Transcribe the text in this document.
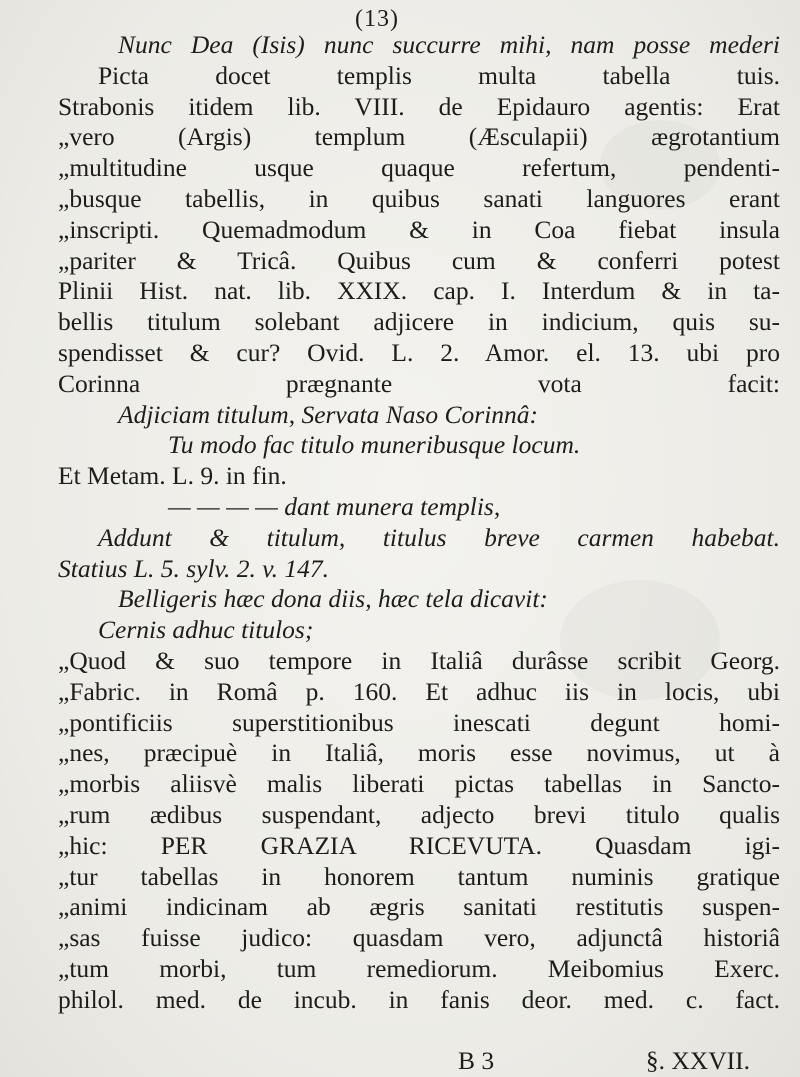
(13)
Nunc Dea (Isis) nunc succurre mihi, nam posse mederi
Picta docet templis multa tabella tuis.
Strabonis itidem lib. VIII. de Epidauro agentis: Erat
„vero (Argis) templum (Æsculapii) ægrotantium
„multitudine usque quaque refertum, pendenti-
„busque tabellis, in quibus sanati languores erant
„inscripti. Quemadmodum & in Coa fiebat insula
„pariter & Tricâ. Quibus cum & conferri potest
Plinii Hist. nat. lib. XXIX. cap. I. Interdum & in ta-
bellis titulum solebant adjicere in indicium, quis su-
spendisset & cur? Ovid. L. 2. Amor. el. 13. ubi pro
Corinna prægnante vota facit:
Adjiciam titulum, Servata Naso Corinnâ:
Tu modo fac titulo muneribusque locum.
Et Metam. L. 9. in fin.
— — — — dant munera templis,
Addunt & titulum, titulus breve carmen habebat.
Statius L. 5. sylv. 2. v. 147.
Belligeris hæc dona diis, hæc tela dicavit:
Cernis adhuc titulos;
„Quod & suo tempore in Italiâ durâsse scribit Georg.
„Fabric. in Româ p. 160. Et adhuc iis in locis, ubi
„pontificiis superstitionibus inescati degunt homi-
„nes, præcipuè in Italiâ, moris esse novimus, ut à
„morbis aliisvè malis liberati pictas tabellas in Sancto-
„rum ædibus suspendant, adjecto brevi titulo qualis
„hic: PER GRAZIA RICEVUTA. Quasdam igi-
„tur tabellas in honorem tantum numinis gratique
„animi indicinam ab ægris sanitati restitutis suspen-
„sas fuisse judico: quasdam vero, adjunctâ historiâ
„tum morbi, tum remediorum. Meibomius Exerc.
philol. med. de incub. in fanis deor. med. c. fact.
B 3	§. XXVII.
